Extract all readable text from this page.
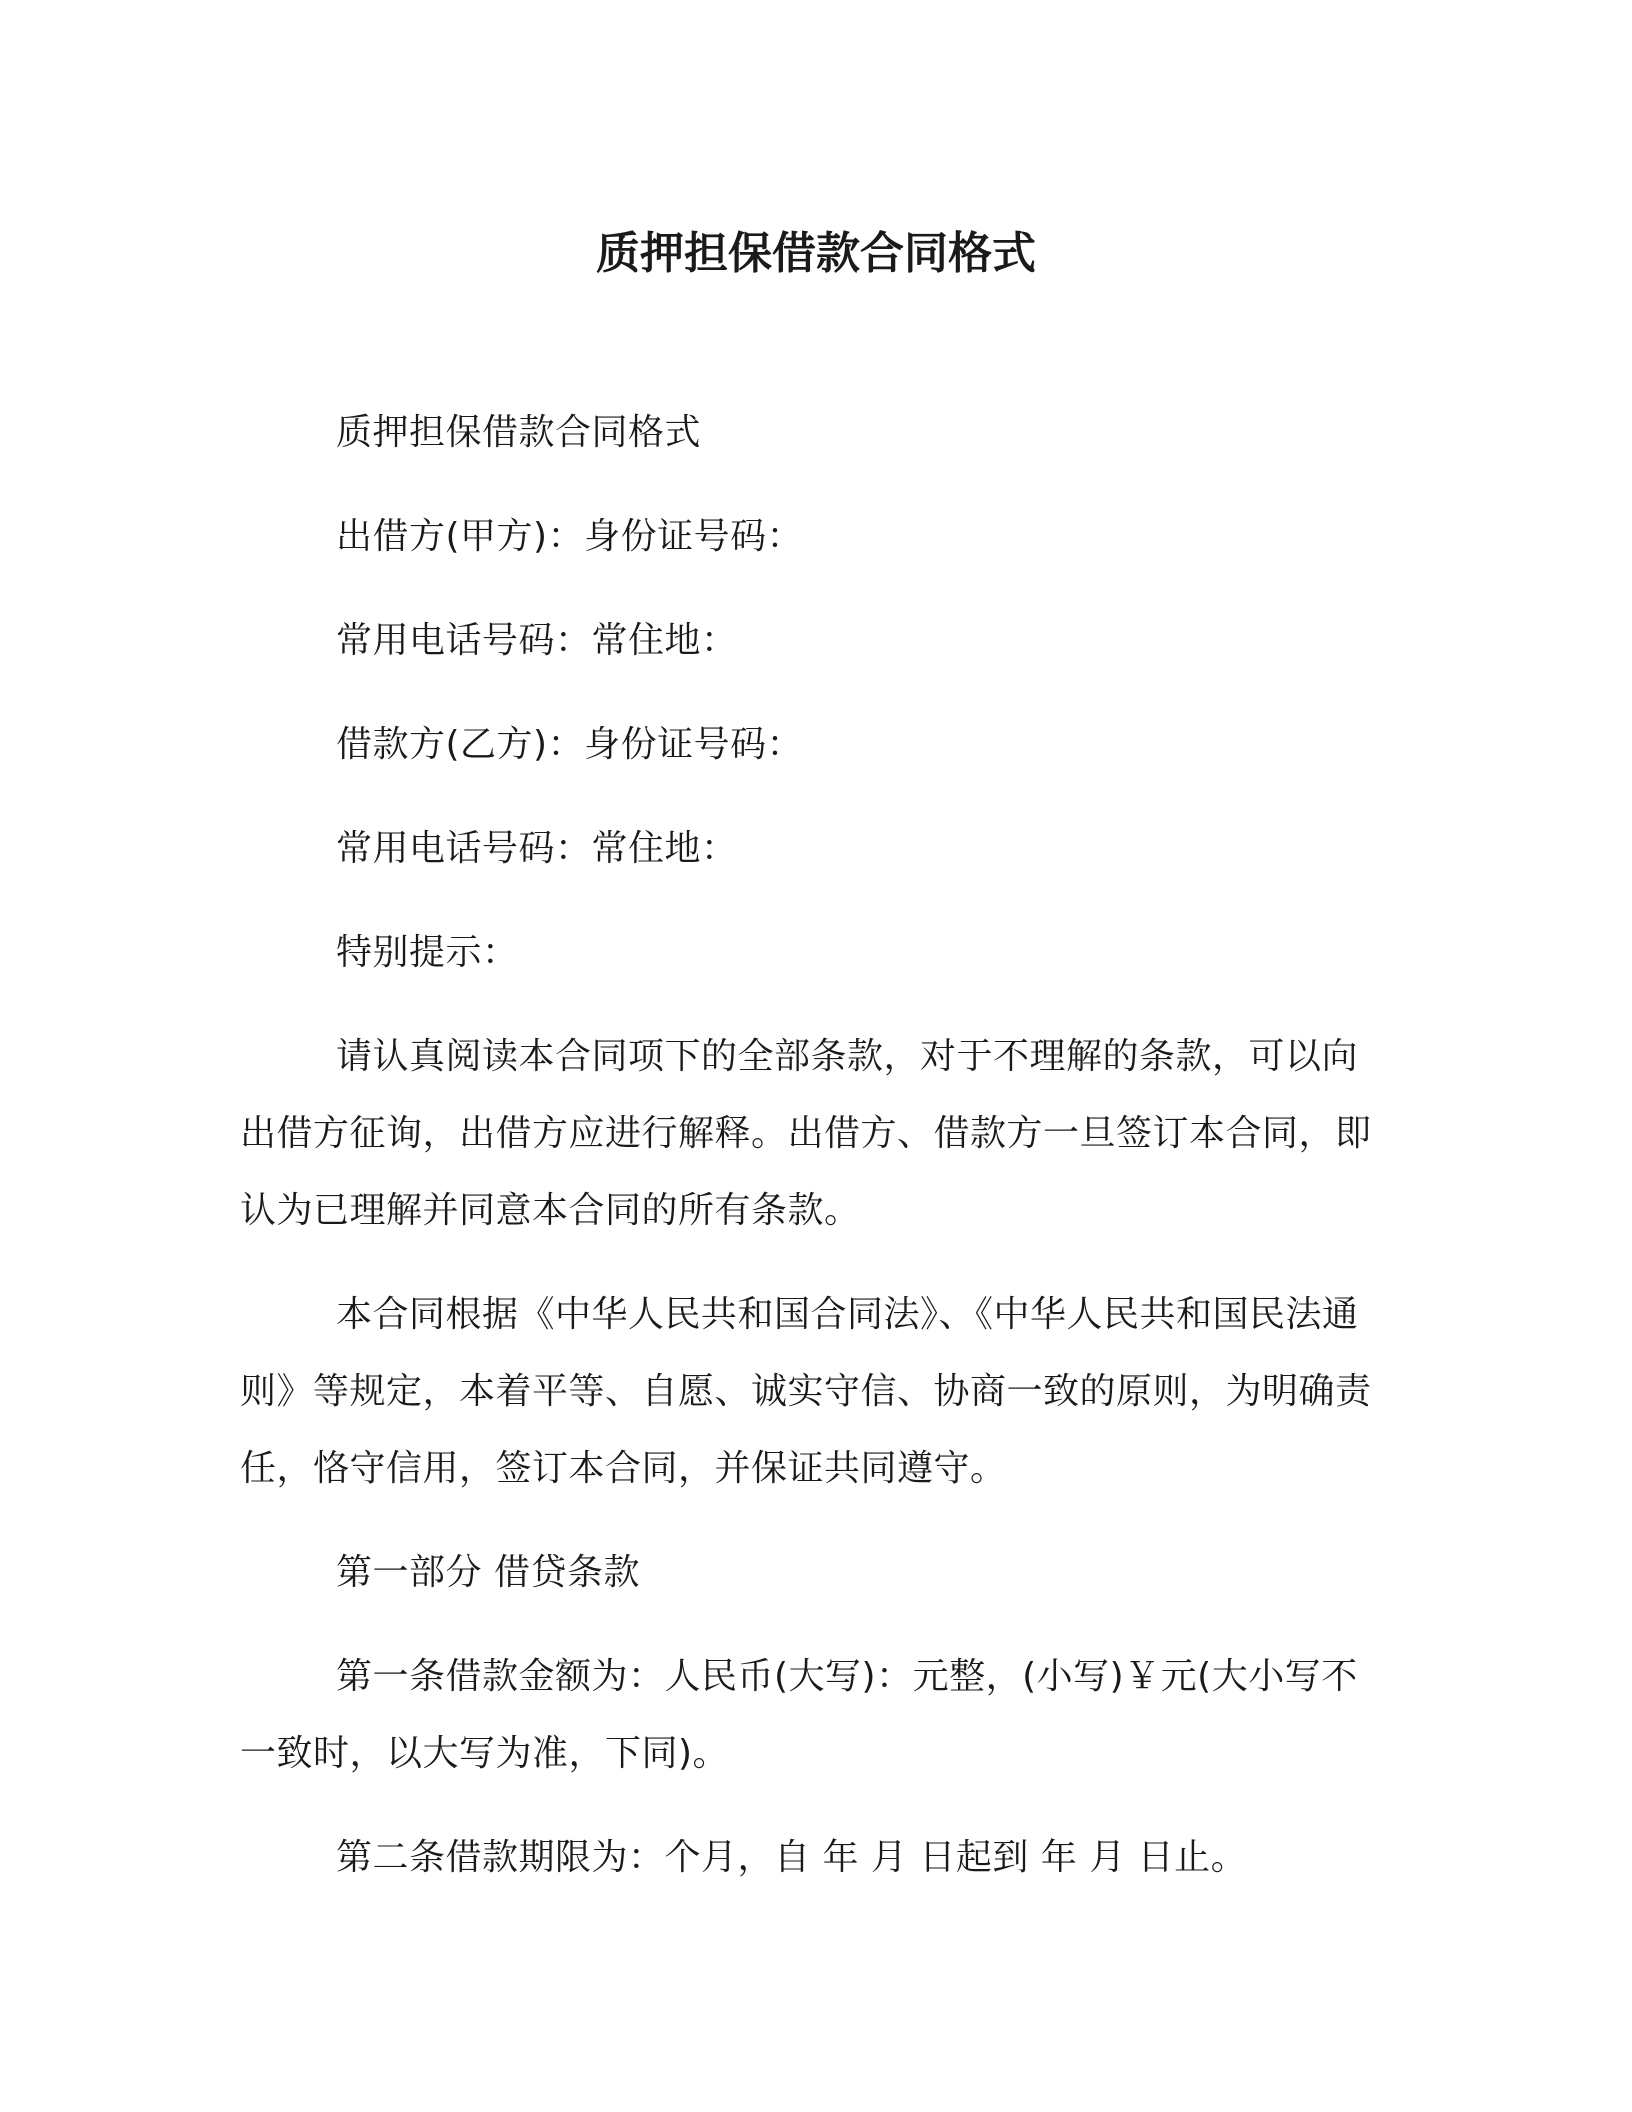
质押担保借款合同格式

质押担保借款合同格式

出借方(甲方)：身份证号码：

常用电话号码：常住地：

借款方(乙方)：身份证号码：

常用电话号码：常住地：

特别提示：

请认真阅读本合同项下的全部条款，对于不理解的条款，可以向出借方征询，出借方应进行解释。出借方、借款方一旦签订本合同，即认为已理解并同意本合同的所有条款。

本合同根据《中华人民共和国合同法》、《中华人民共和国民法通则》等规定，本着平等、自愿、诚实守信、协商一致的原则，为明确责任，恪守信用，签订本合同，并保证共同遵守。

第一部分 借贷条款

第一条借款金额为：人民币(大写)：元整，(小写)￥元(大小写不一致时，以大写为准，下同)。

第二条借款期限为：个月，自 年 月 日起到 年 月 日止。
